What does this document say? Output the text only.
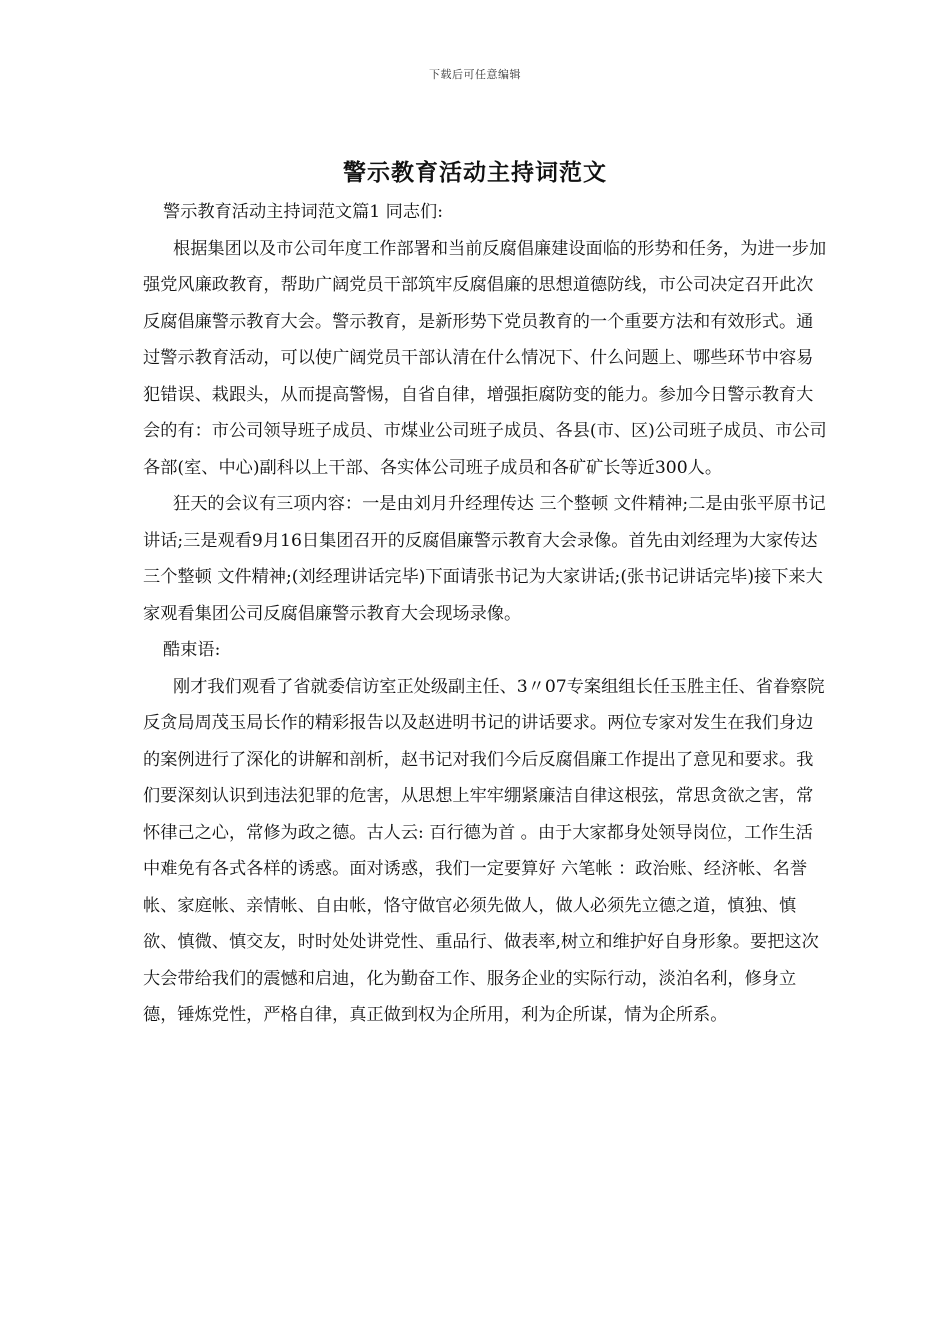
下载后可任意编辑
警示教育活动主持词范文

警示教育活动主持词范文篇1 同志们:

根据集团以及市公司年度工作部署和当前反腐倡廉建设面临的形势和任务，为进一步加强党风廉政教育，帮助广阔党员干部筑牢反腐倡廉的思想道德防线，市公司决定召开此次反腐倡廉警示教育大会。警示教育，是新形势下党员教育的一个重要方法和有效形式。通过警示教育活动，可以使广阔党员干部认清在什么情况下、什么问题上、哪些环节中容易犯错误、栽跟头，从而提高警惕，自省自律，增强拒腐防变的能力。参加今日警示教育大会的有：市公司领导班子成员、市煤业公司班子成员、各县(市、区)公司班子成员、市公司各部(室、中心)副科以上干部、各实体公司班子成员和各矿矿长等近300人。

狂天的会议有三项内容：一是由刘月升经理传达 三个整顿 文件精神;二是由张平原书记讲话;三是观看9月16日集团召开的反腐倡廉警示教育大会录像。首先由刘经理为大家传达 三个整顿 文件精神;(刘经理讲话完毕)下面请张书记为大家讲话;(张书记讲话完毕)接下来大家观看集团公司反腐倡廉警示教育大会现场录像。

酷束语:

刚才我们观看了省就委信访室正处级副主任、3〃07专案组组长任玉胜主任、省眷察院反贪局周茂玉局长作的精彩报告以及赵进明书记的讲话要求。两位专家对发生在我们身边的案例进行了深化的讲解和剖析，赵书记对我们今后反腐倡廉工作提出了意见和要求。我们要深刻认识到违法犯罪的危害，从思想上牢牢绷紧廉洁自律这根弦，常思贪欲之害，常怀律己之心，常修为政之德。古人云: 百行德为首 。由于大家都身处领导岗位，工作生活中难免有各式各样的诱惑。面对诱惑，我们一定要算好 六笔帐 ：政治账、经济帐、名誉帐、家庭帐、亲情帐、自由帐，恪守做官必须先做人，做人必须先立德之道，慎独、慎欲、慎微、慎交友，时时处处讲党性、重品行、做表率,树立和维护好自身形象。要把这次大会带给我们的震憾和启迪，化为勤奋工作、服务企业的实际行动，淡泊名利，修身立德，锤炼党性，严格自律，真正做到权为企所用，利为企所谋，情为企所系。
